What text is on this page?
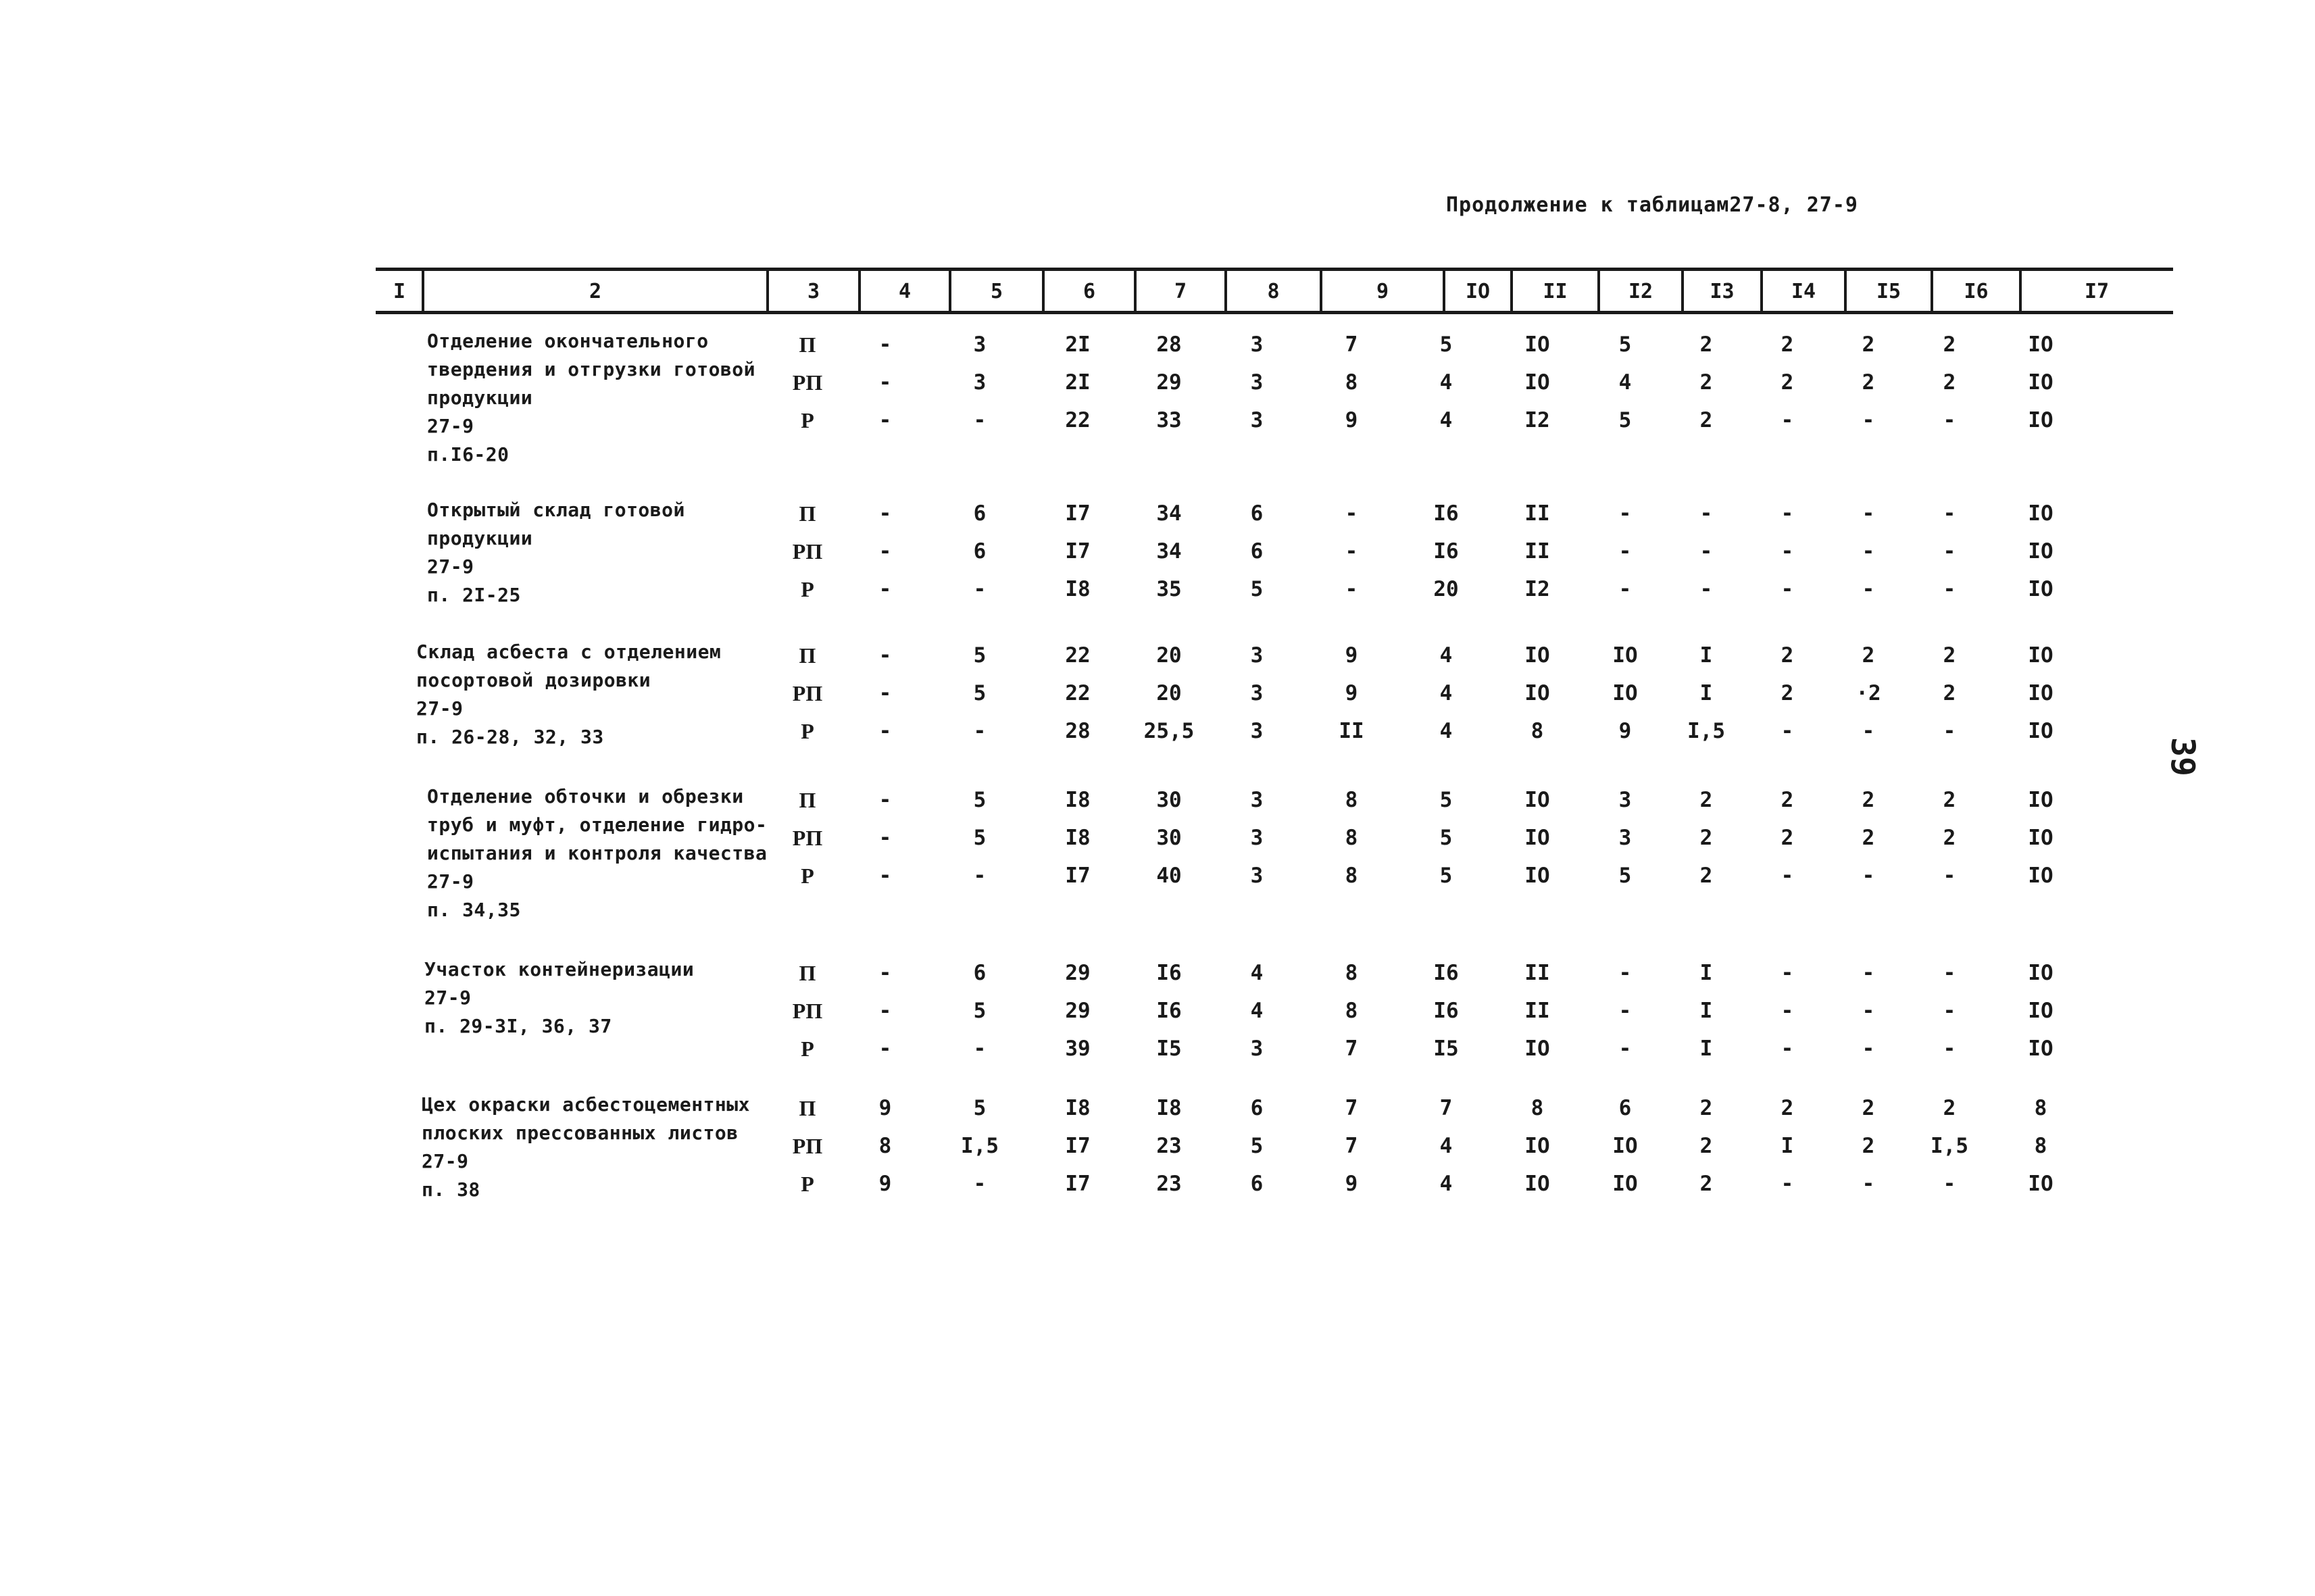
Продолжение к таблицам27-8, 27-9
39
I	2	3	4	5	6	7	8	9	IO	II	I2	I3	I4	I5	I6	I7
Отделение окончательного
твердения и отгрузки готовой
продукции
27-9
п.I6-20
П	-	3	2I	28	3	7	5	IO	5	2	2	2	2	IO
РП	-	3	2I	29	3	8	4	IO	4	2	2	2	2	IO
Р	-	-	22	33	3	9	4	I2	5	2	-	-	-	IO
Открытый склад готовой
продукции
27-9
п. 2I-25
П	-	6	I7	34	6	-	I6	II	-	-	-	-	-	IO
РП	-	6	I7	34	6	-	I6	II	-	-	-	-	-	IO
Р	-	-	I8	35	5	-	20	I2	-	-	-	-	-	IO
Склад асбеста с отделением
посортовой дозировки
27-9
п. 26-28, 32, 33
П	-	5	22	20	3	9	4	IO	IO	I	2	2	2	IO
РП	-	5	22	20	3	9	4	IO	IO	I	2	·2	2	IO
Р	-	-	28	25,5	3	II	4	8	9	I,5	-	-	-	IO
Отделение обточки и обрезки
труб и муфт, отделение гидро-
испытания и контроля качества
27-9
п. 34,35
П	-	5	I8	30	3	8	5	IO	3	2	2	2	2	IO
РП	-	5	I8	30	3	8	5	IO	3	2	2	2	2	IO
Р	-	-	I7	40	3	8	5	IO	5	2	-	-	-	IO
Участок контейнеризации
27-9
п. 29-3I, 36, 37
П	-	6	29	I6	4	8	I6	II	-	I	-	-	-	IO
РП	-	5	29	I6	4	8	I6	II	-	I	-	-	-	IO
Р	-	-	39	I5	3	7	I5	IO	-	I	-	-	-	IO
Цех окраски асбестоцементных
плоских прессованных листов
27-9
п. 38
П	9	5	I8	I8	6	7	7	8	6	2	2	2	2	8
РП	8	I,5	I7	23	5	7	4	IO	IO	2	I	2	I,5	8
Р	9	-	I7	23	6	9	4	IO	IO	2	-	-	-	IO
